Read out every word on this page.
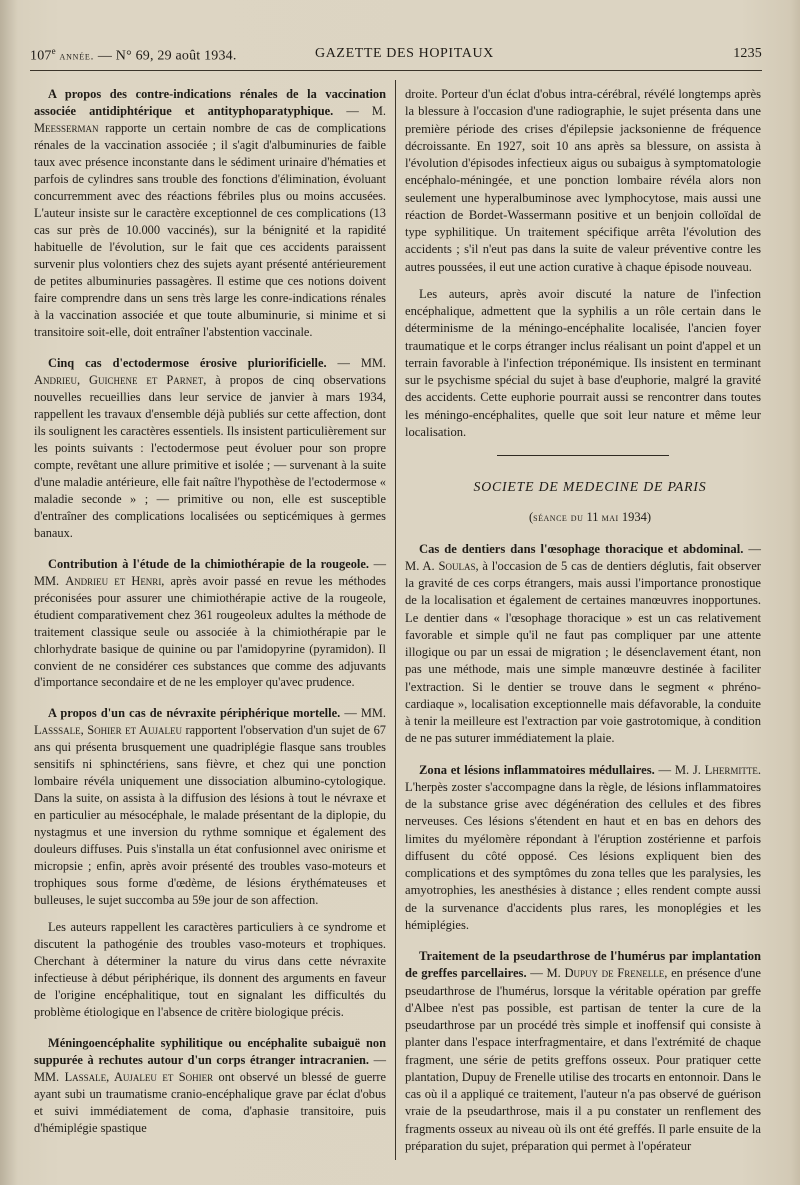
107e année. — N° 69, 29 août 1934.	GAZETTE DES HOPITAUX	1235

A propos des contre-indications rénales de la vaccination associée antidiphtérique et antityphoparatyphique. — M. Meesserman rapporte un certain nombre de cas de complications rénales de la vaccination associée ; il s'agit d'albuminuries de faible taux avec présence inconstante dans le sédiment urinaire d'hématies et parfois de cylindres sans trouble des fonctions d'élimination, évoluant concurremment avec des réactions fébriles plus ou moins accusées. L'auteur insiste sur le caractère exceptionnel de ces complications (13 cas sur près de 10.000 vaccinés), sur la bénignité et la rapidité habituelle de l'évolution, sur le fait que ces accidents paraissent survenir plus volontiers chez des sujets ayant présenté antérieurement de petites albuminuries passagères. Il estime que ces notions doivent faire comprendre dans un sens très large les conre-indications rénales à la vaccination associée et que toute albuminurie, si minime et si transitoire soit-elle, doit entraîner l'abstention vaccinale.

Cinq cas d'ectodermose érosive pluriorificielle. — MM. Andrieu, Guichene et Parnet, à propos de cinq observations nouvelles recueillies dans leur service de janvier à mars 1934, rappellent les travaux d'ensemble déjà publiés sur cette affection, dont ils soulignent les caractères essentiels. Ils insistent particulièrement sur les points suivants : l'ectodermose peut évoluer pour son propre compte, revêtant une allure primitive et isolée ; — survenant à la suite d'une maladie antérieure, elle fait naître l'hypothèse de l'ectodermose « maladie seconde » ; — primitive ou non, elle est susceptible d'entraîner des complications localisées ou septicémiques à germes banaux.

Contribution à l'étude de la chimiothérapie de la rougeole. — MM. Andrieu et Henri, après avoir passé en revue les méthodes préconisées pour assurer une chimiothérapie active de la rougeole, étudient comparativement chez 361 rougeoleux adultes la méthode de traitement classique seule ou associée à la chimiothérapie par le chlorhydrate basique de quinine ou par l'amidopyrine (pyramidon). Il convient de ne considérer ces substances que comme des adjuvants d'importance secondaire et de ne les employer qu'avec prudence.

A propos d'un cas de névraxite périphérique mortelle. — MM. Lasssale, Sohier et Aujaleu rapportent l'observation d'un sujet de 67 ans qui présenta brusquement une quadriplégie flasque sans troubles sensitifs ni sphinctériens, sans fièvre, et chez qui une ponction lombaire révéla uniquement une dissociation albumino-cytologique. Dans la suite, on assista à la diffusion des lésions à tout le névraxe et en particulier au mésocéphale, le malade présentant de la diplopie, du nystagmus et une inversion du rythme somnique et également des douleurs diffuses. Puis s'installa un état confusionnel avec onirisme et micropsie ; enfin, après avoir présenté des troubles vaso-moteurs et trophiques sous forme d'œdème, de lésions érythémateuses et bulleuses, le sujet succomba au 59e jour de son affection.

Les auteurs rappellent les caractères particuliers à ce syndrome et discutent la pathogénie des troubles vaso-moteurs et trophiques. Cherchant à déterminer la nature du virus dans cette névraxite infectieuse à début périphérique, ils donnent des arguments en faveur de l'origine encéphalitique, tout en signalant les difficultés du problème étiologique en l'absence de critère biologique précis.

Méningoencéphalite syphilitique ou encéphalite subaiguë non suppurée à rechutes autour d'un corps étranger intracranien. — MM. Lassale, Aujaleu et Sohier ont observé un blessé de guerre ayant subi un traumatisme cranio-encéphalique grave par éclat d'obus et suivi immédiatement de coma, d'aphasie transitoire, puis d'hémiplégie spastique

droite. Porteur d'un éclat d'obus intra-cérébral, révélé longtemps après la blessure à l'occasion d'une radiographie, le sujet présenta dans une première période des crises d'épilepsie jacksonienne de fréquence décroissante. En 1927, soit 10 ans après sa blessure, on assista à l'évolution d'épisodes infectieux aigus ou subaigus à symptomatologie encéphalo-méningée, et une ponction lombaire révéla alors non seulement une hyperalbuminose avec lymphocytose, mais aussi une réaction de Bordet-Wassermann positive et un benjoin colloïdal de type syphilitique. Un traitement spécifique arrêta l'évolution des accidents ; s'il n'eut pas dans la suite de valeur préventive contre les autres poussées, il eut une action curative à chaque épisode nouveau.

Les auteurs, après avoir discuté la nature de l'infection encéphalique, admettent que la syphilis a un rôle certain dans le déterminisme de la méningo-encéphalite localisée, l'ancien foyer traumatique et le corps étranger inclus réalisant un point d'appel et un terrain favorable à l'infection tréponémique. Ils insistent en terminant sur le psychisme spécial du sujet à base d'euphorie, malgré la gravité des accidents. Cette euphorie pourrait aussi se rencontrer dans toutes les méningo-encéphalites, quelle que soit leur nature et même leur localisation.

SOCIETE DE MEDECINE DE PARIS

(séance du 11 mai 1934)

Cas de dentiers dans l'œsophage thoracique et abdominal. — M. A. Soulas, à l'occasion de 5 cas de dentiers déglutis, fait observer la gravité de ces corps étrangers, mais aussi l'importance pronostique de la localisation et également de certaines manœuvres inopportunes. Le dentier dans « l'œsophage thoracique » est un cas relativement favorable et simple qu'il ne faut pas compliquer par une attente illogique ou par un essai de migration ; le désenclavement étant, non pas une méthode, mais une simple manœuvre destinée à faciliter l'extraction. Si le dentier se trouve dans le segment « phréno-cardiaque », localisation exceptionnelle mais défavorable, la conduite à tenir la meilleure est l'extraction par voie gastrotomique, à condition de ne pas suturer immédiatement la plaie.

Zona et lésions inflammatoires médullaires. — M. J. Lhermitte. L'herpès zoster s'accompagne dans la règle, de lésions inflammatoires de la substance grise avec dégénération des cellules et des fibres nerveuses. Ces lésions s'étendent en haut et en bas en dehors des limites du myélomère répondant à l'éruption zostérienne et parfois diffusent du côté opposé. Ces lésions expliquent bien des complications et des symptômes du zona telles que les paralysies, les amyotrophies, les anesthésies à distance ; elles rendent compte aussi de la survenance d'accidents plus rares, les monoplégies et les hémiplégies.

Traitement de la pseudarthrose de l'humérus par implantation de greffes parcellaires. — M. Dupuy de Frenelle, en présence d'une pseudarthrose de l'humérus, lorsque la véritable opération par greffe d'Albee n'est pas possible, est partisan de tenter la cure de la pseudarthrose par un procédé très simple et inoffensif qui consiste à planter dans l'espace interfragmentaire, et dans l'extrémité de chaque fragment, une série de petits greffons osseux. Pour pratiquer cette plantation, Dupuy de Frenelle utilise des trocarts en entonnoir. Dans le cas où il a appliqué ce traitement, l'auteur n'a pas observé de guérison vraie de la pseudarthrose, mais il a pu constater un renflement des fragments osseux au niveau où ils ont été greffés. Il parle ensuite de la préparation du sujet, préparation qui permet à l'opérateur
